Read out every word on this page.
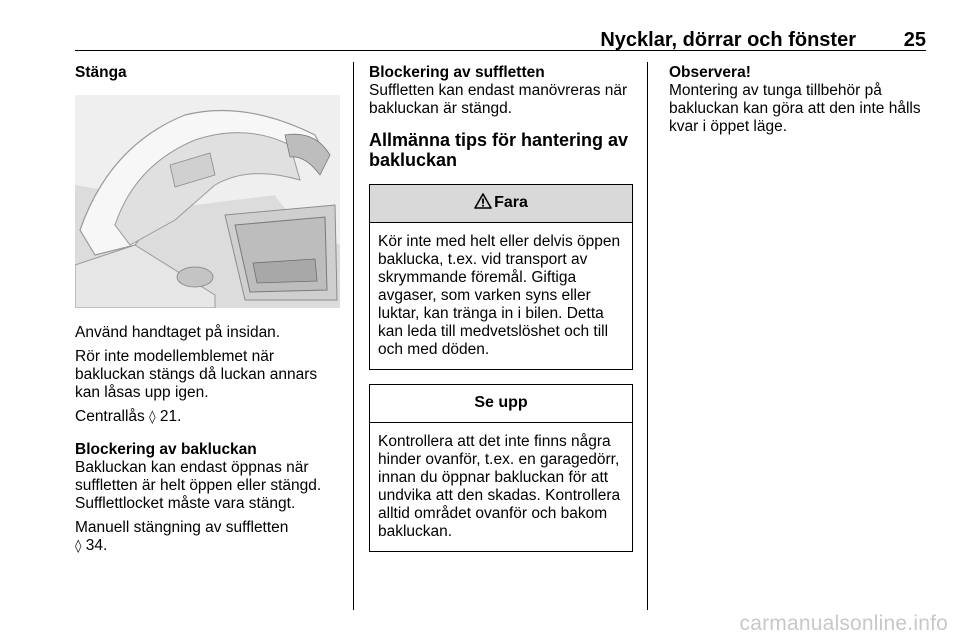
Nycklar, dörrar och fönster 25
Stänga

Använd handtaget på insidan.

Rör inte modellemblemet när bakluckan stängs då luckan annars kan låsas upp igen.

Centrallås ◊ 21.

Blockering av bakluckan

Bakluckan kan endast öppnas när suffletten är helt öppen eller stängd. Sufflettlocket måste vara stängt.

Manuell stängning av suffletten
◊ 34.

Blockering av suffletten

Suffletten kan endast manövreras när bakluckan är stängd.

Allmänna tips för hantering av bakluckan
Fara
Kör inte med helt eller delvis öppen baklucka, t.ex. vid transport av skrymmande föremål. Giftiga avgaser, som varken syns eller luktar, kan tränga in i bilen. Detta kan leda till medvetslöshet och till och med döden.
Se upp
Kontrollera att det inte finns några hinder ovanför, t.ex. en garagedörr, innan du öppnar bakluckan för att undvika att den skadas. Kontrollera alltid området ovanför och bakom bakluckan.
Observera!

Montering av tunga tillbehör på bakluckan kan göra att den inte hålls kvar i öppet läge.

carmanualsonline.info
